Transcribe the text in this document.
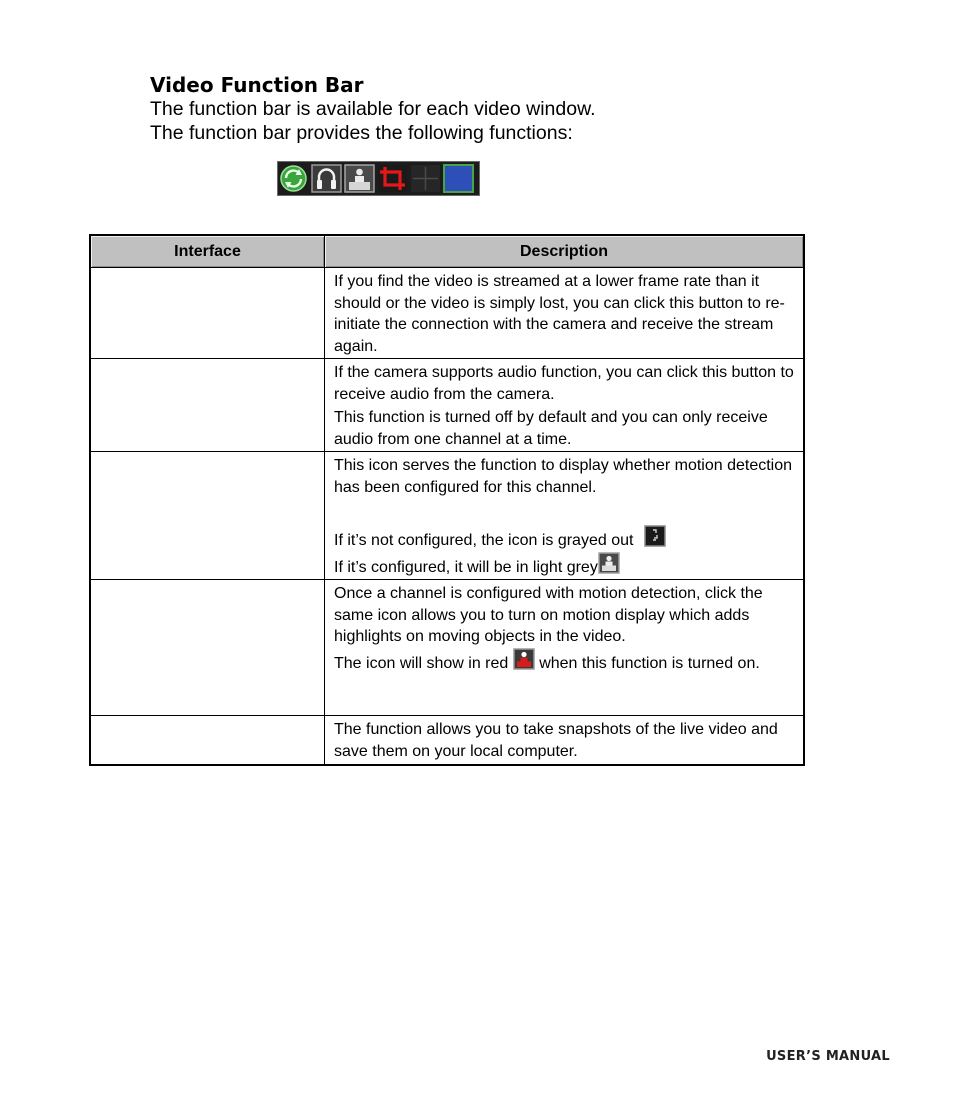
Video Function Bar
The function bar is available for each video window.
The function bar provides the following functions:
Interface	Description

	If you find the video is streamed at a lower frame rate than it should or the video is simply lost, you can click this button to re-initiate the connection with the camera and receive the stream again.

	If the camera supports audio function, you can click this button to receive audio from the camera.

This function is turned off by default and you can only receive audio from one channel at a time.

	This icon serves the function to display whether motion detection has been configured for this channel.

If it’s not configured, the icon is grayed out

If it’s configured, it will be in light grey

	Once a channel is configured with motion detection, click the same icon allows you to turn on motion display which adds highlights on moving objects in the video.

The icon will show in red when this function is turned on.

	The function allows you to take snapshots of the live video and save them on your local computer.

USER’S MANUAL
